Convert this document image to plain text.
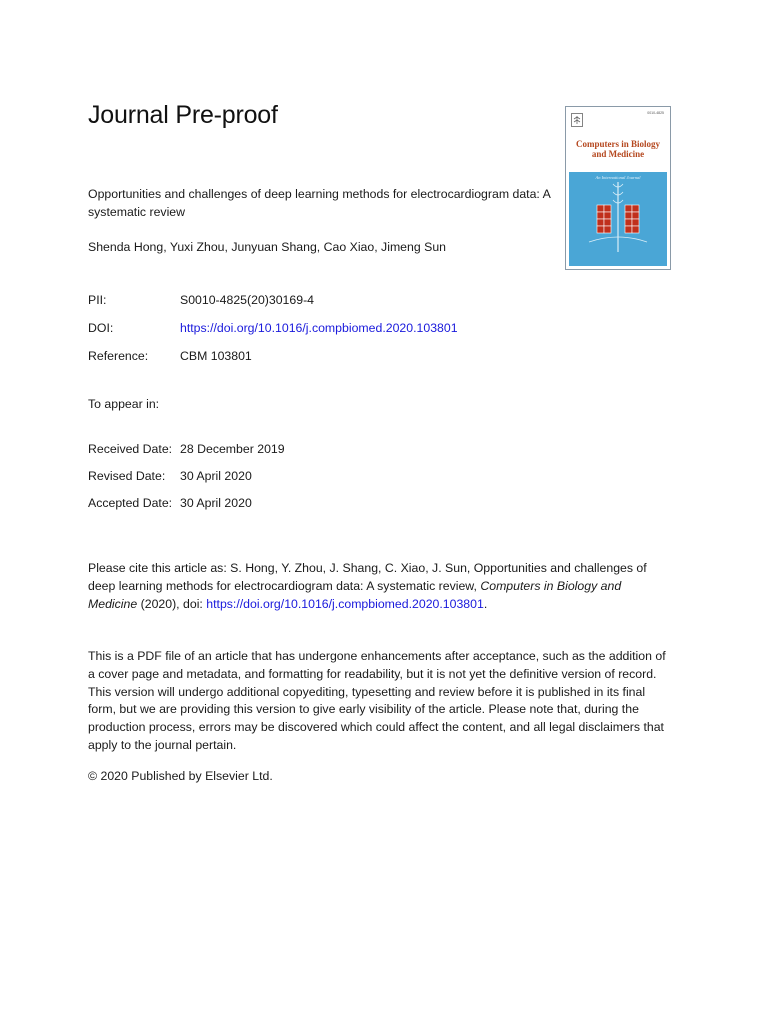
Journal Pre-proof	0010-4825
Computers in Biology
and Medicine
An International Journal
Opportunities and challenges of deep learning methods for electrocardiogram data: A systematic review
Shenda Hong, Yuxi Zhou, Junyuan Shang, Cao Xiao, Jimeng Sun
PII:	S0010-4825(20)30169-4
DOI:	https://doi.org/10.1016/j.compbiomed.2020.103801
Reference:	CBM 103801
To appear in:
Received Date: 28 December 2019
Revised Date: 30 April 2020
Accepted Date: 30 April 2020
Please cite this article as: S. Hong, Y. Zhou, J. Shang, C. Xiao, J. Sun, Opportunities and challenges of deep learning methods for electrocardiogram data: A systematic review, Computers in Biology and Medicine (2020), doi: https://doi.org/10.1016/j.compbiomed.2020.103801.
This is a PDF file of an article that has undergone enhancements after acceptance, such as the addition of a cover page and metadata, and formatting for readability, but it is not yet the definitive version of record. This version will undergo additional copyediting, typesetting and review before it is published in its final form, but we are providing this version to give early visibility of the article. Please note that, during the production process, errors may be discovered which could affect the content, and all legal disclaimers that apply to the journal pertain.
© 2020 Published by Elsevier Ltd.
